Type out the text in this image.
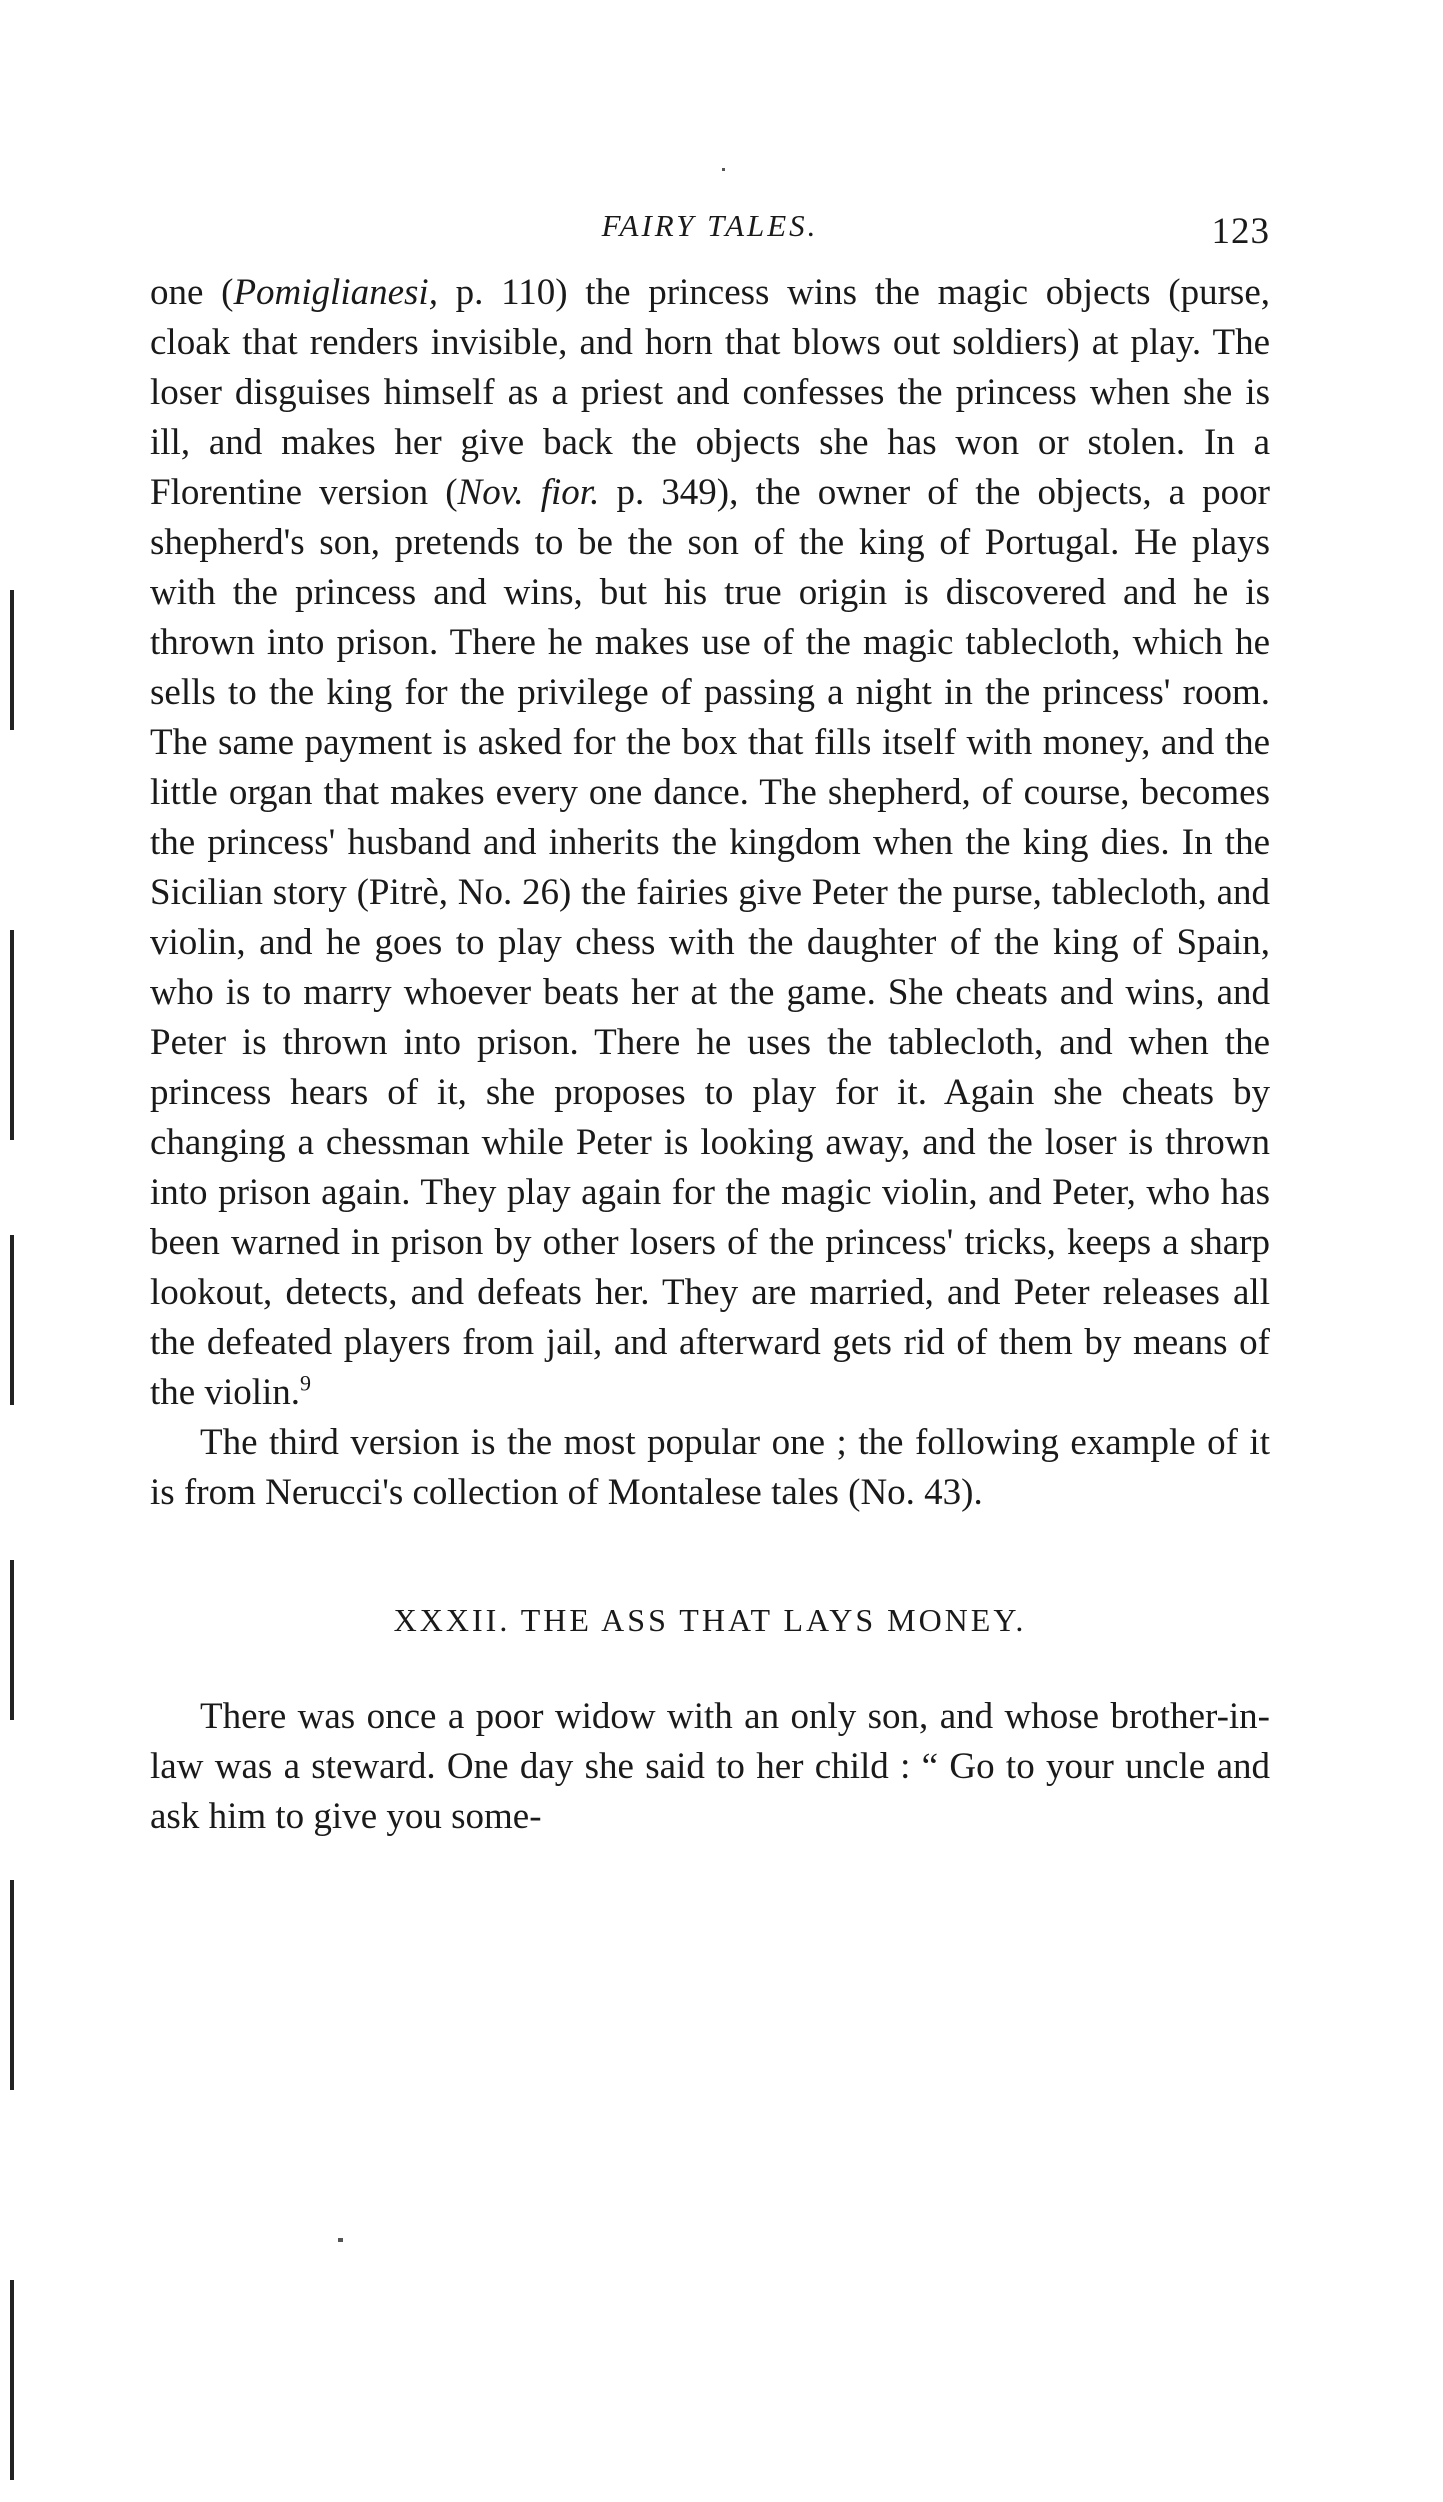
FAIRY TALES.	123

one (Pomiglianesi, p. 110) the princess wins the magic objects (purse, cloak that renders invisible, and horn that blows out soldiers) at play. The loser disguises himself as a priest and confesses the princess when she is ill, and makes her give back the objects she has won or stolen. In a Florentine version (Nov. fior. p. 349), the owner of the objects, a poor shepherd's son, pretends to be the son of the king of Portugal. He plays with the princess and wins, but his true origin is discovered and he is thrown into prison. There he makes use of the magic tablecloth, which he sells to the king for the privilege of passing a night in the princess' room. The same payment is asked for the box that fills itself with money, and the little organ that makes every one dance. The shepherd, of course, becomes the princess' husband and inherits the kingdom when the king dies. In the Sicilian story (Pitrè, No. 26) the fairies give Peter the purse, tablecloth, and violin, and he goes to play chess with the daughter of the king of Spain, who is to marry whoever beats her at the game. She cheats and wins, and Peter is thrown into prison. There he uses the tablecloth, and when the princess hears of it, she proposes to play for it. Again she cheats by changing a chessman while Peter is looking away, and the loser is thrown into prison again. They play again for the magic violin, and Peter, who has been warned in prison by other losers of the princess' tricks, keeps a sharp lookout, detects, and defeats her. They are married, and Peter releases all the defeated players from jail, and afterward gets rid of them by means of the violin.$^9$

The third version is the most popular one ; the following example of it is from Nerucci's collection of Montalese tales (No. 43).

XXXII. THE ASS THAT LAYS MONEY.

There was once a poor widow with an only son, and whose brother-in-law was a steward. One day she said to her child : “ Go to your uncle and ask him to give you some-
